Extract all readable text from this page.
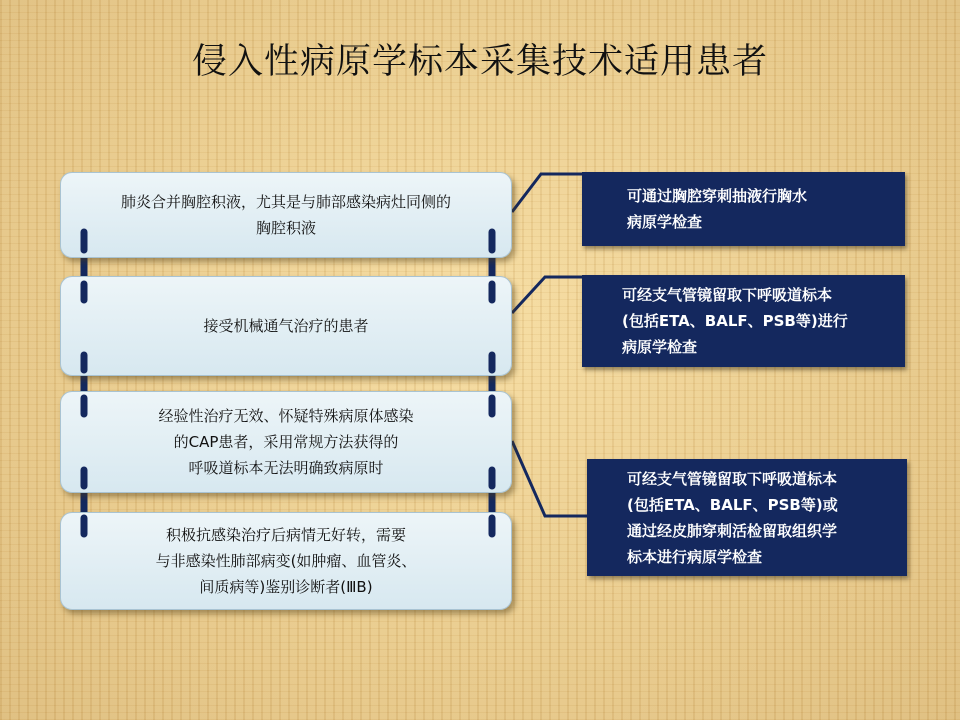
侵入性病原学标本采集技术适用患者
肺炎合并胸腔积液，尤其是与肺部感染病灶同侧的
胸腔积液
接受机械通气治疗的患者
经验性治疗无效、怀疑特殊病原体感染
的CAP患者，采用常规方法获得的
呼吸道标本无法明确致病原时
积极抗感染治疗后病情无好转，需要
与非感染性肺部病变(如肿瘤、血管炎、
间质病等)鉴别诊断者(ⅢB)
可通过胸腔穿刺抽液行胸水
病原学检查
可经支气管镜留取下呼吸道标本
(包括ETA、BALF、PSB等)进行
病原学检查
可经支气管镜留取下呼吸道标本
(包括ETA、BALF、PSB等)或
通过经皮肺穿刺活检留取组织学
标本进行病原学检查
